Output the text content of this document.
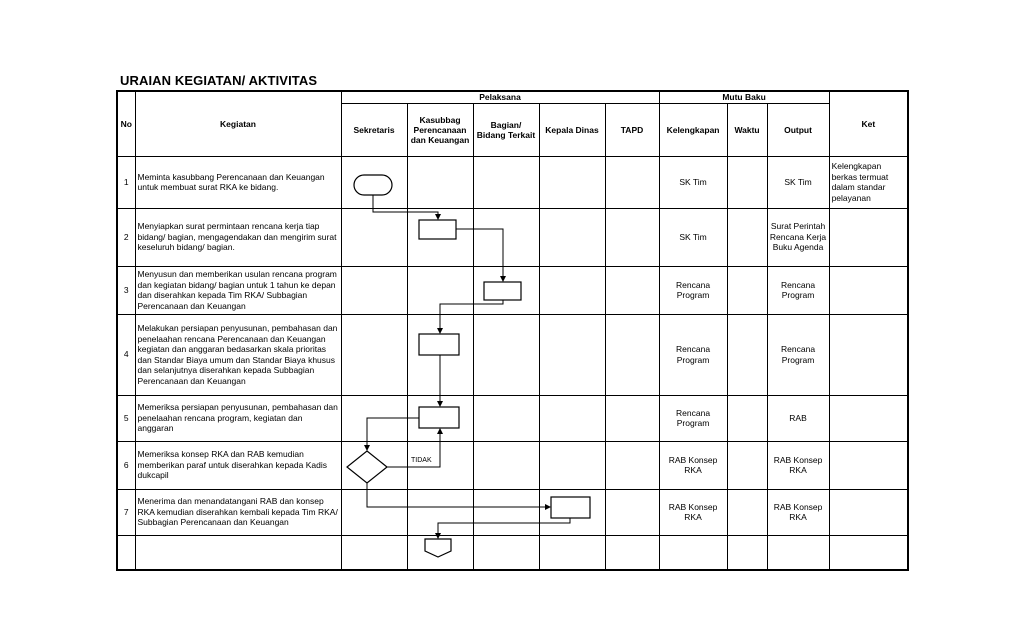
URAIAN KEGIATAN/ AKTIVITAS
No	Kegiatan	Pelaksana					Mutu Baku			Ket
		Sekretaris	Kasubbag Perencanaan dan Keuangan	Bagian/ Bidang Terkait	Kepala Dinas	TAPD	Kelengkapan	Waktu	Output	
1	Meminta kasubbang Perencanaan dan Keuangan untuk membuat surat RKA ke bidang.						SK Tim		SK Tim	Kelengkapan berkas termuat dalam standar pelayanan
2	Menyiapkan surat permintaan rencana kerja tiap bidang/ bagian, mengagendakan dan mengirim surat keseluruh bidang/ bagian.						SK Tim		Surat Perintah Rencana Kerja Buku Agenda	
3	Menyusun dan memberikan usulan rencana program dan kegiatan bidang/ bagian untuk 1 tahun ke depan dan diserahkan kepada Tim RKA/ Subbagian Perencanaan dan Keuangan						Rencana Program		Rencana Program	
4	Melakukan persiapan penyusunan, pembahasan dan penelaahan rencana Perencanaan dan Keuangan kegiatan dan anggaran bedasarkan skala prioritas dan Standar Biaya umum dan Standar Biaya khusus dan selanjutnya diserahkan kepada Subbagian Perencanaan dan Keuangan						Rencana Program		Rencana Program	
5	Memeriksa persiapan penyusunan, pembahasan dan penelaahan rencana program, kegiatan dan anggaran						Rencana Program		RAB	
6	Memeriksa konsep RKA dan RAB kemudian memberikan paraf untuk diserahkan kepada Kadis dukcapil						RAB Konsep RKA		RAB Konsep RKA	
7	Menerima dan menandatangani RAB dan konsep RKA kemudian diserahkan kembali kepada Tim RKA/ Subbagian Perencanaan dan Keuangan						RAB Konsep RKA		RAB Konsep RKA	

TIDAK
